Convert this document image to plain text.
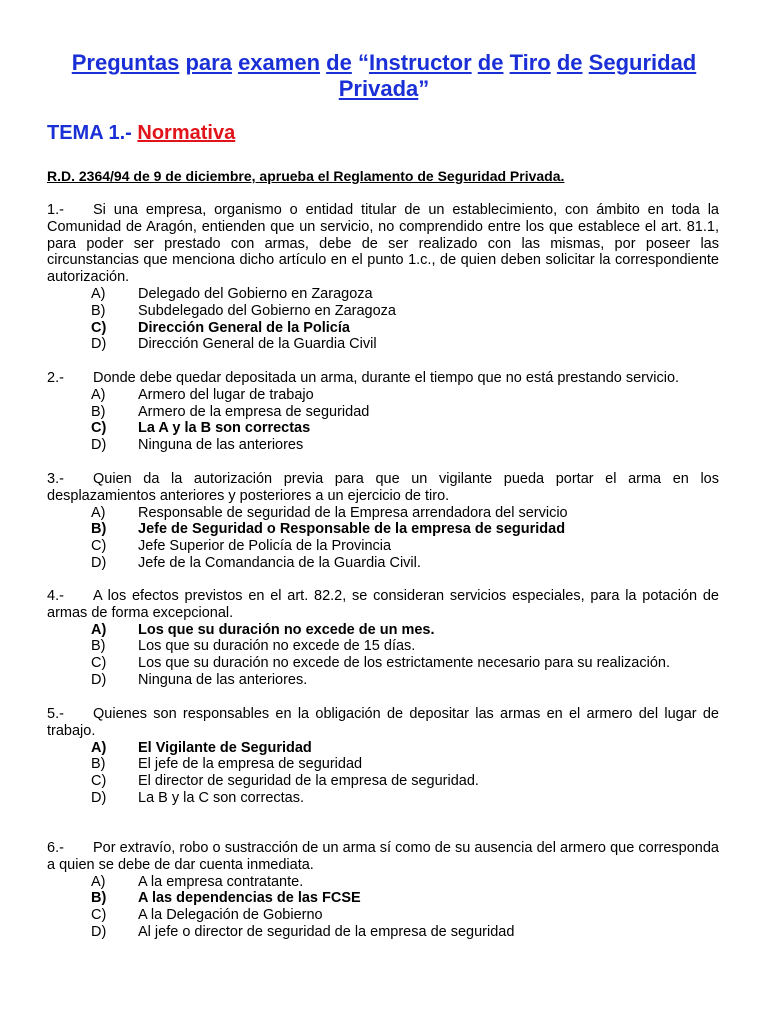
Preguntas para examen de “Instructor de Tiro de Seguridad Privada”
TEMA 1.- Normativa
R.D. 2364/94 de 9 de diciembre, aprueba el Reglamento de Seguridad Privada.
1.- Si una empresa, organismo o entidad titular de un establecimiento, con ámbito en toda la Comunidad de Aragón, entienden que un servicio, no comprendido entre los que establece el art. 81.1, para poder ser prestado con armas, debe de ser realizado con las mismas, por poseer las circunstancias que menciona dicho artículo en el punto 1.c., de quien deben solicitar la correspondiente autorización.
A)	Delegado del Gobierno en Zaragoza
B)	Subdelegado del Gobierno en Zaragoza
C)	Dirección General de la Policía
D)	Dirección General de la Guardia Civil
2.- Donde debe quedar depositada un arma, durante el tiempo que no está prestando servicio.
A)	Armero del lugar de trabajo
B)	Armero de la empresa de seguridad
C)	La A y la B son correctas
D)	Ninguna de las anteriores
3.- Quien da la autorización previa para que un vigilante pueda portar el arma en los desplazamientos anteriores y posteriores a un ejercicio de tiro.
A)	Responsable de seguridad de la Empresa arrendadora del servicio
B)	Jefe de Seguridad o Responsable de la empresa de seguridad
C)	Jefe Superior de Policía de la Provincia
D)	Jefe de la Comandancia de la Guardia Civil.
4.- A los efectos previstos en el art. 82.2, se consideran servicios especiales, para la potación de armas de forma excepcional.
A)	Los que su duración no excede de un mes.
B)	Los que su duración no excede de 15 días.
C)	Los que su duración no excede de los estrictamente necesario para su realización.
D)	Ninguna de las anteriores.
5.- Quienes son responsables en la obligación de depositar las armas en el armero del lugar de trabajo.
A)	El Vigilante de Seguridad
B)	El jefe de la empresa de seguridad
C)	El director de seguridad de la empresa de seguridad.
D)	La B y la C son correctas.
6.- Por extravío, robo o sustracción de un arma sí como de su ausencia del armero que corresponda a quien se debe de dar cuenta inmediata.
A)	A la empresa contratante.
B)	A las dependencias de las FCSE
C)	A la Delegación de Gobierno
D)	Al jefe o director de seguridad de la empresa de seguridad
